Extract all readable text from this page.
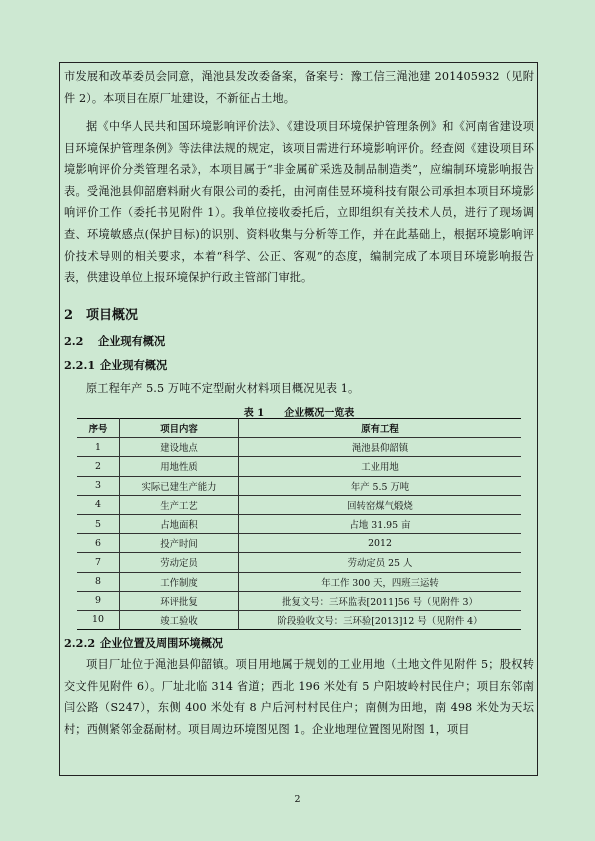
市发展和改革委员会同意，渑池县发改委备案，备案号：豫工信三渑池建 201405932（见附件 2）。本项目在原厂址建设，不新征占土地。

据《中华人民共和国环境影响评价法》、《建设项目环境保护管理条例》和《河南省建设项目环境保护管理条例》等法律法规的规定，该项目需进行环境影响评价。经查阅《建设项目环境影响评价分类管理名录》，本项目属于“非金属矿采选及制品制造类”，应编制环境影响报告表。受渑池县仰韶磨料耐火有限公司的委托，由河南佳昱环境科技有限公司承担本项目环境影响评价工作（委托书见附件 1）。我单位接收委托后，立即组织有关技术人员，进行了现场调查、环境敏感点(保护目标)的识别、资料收集与分析等工作，并在此基础上，根据环境影响评价技术导则的相关要求，本着“科学、公正、客观”的态度，编制完成了本项目环境影响报告表，供建设单位上报环境保护行政主管部门审批。

2 项目概况
2.2 企业现有概况
2.2.1 企业现有概况

原工程年产 5.5 万吨不定型耐火材料项目概况见表 1。

表 1　　企业概况一览表
序号	项目内容	原有工程
1	建设地点	渑池县仰韶镇
2	用地性质	工业用地
3	实际已建生产能力	年产 5.5 万吨
4	生产工艺	回转窑煤气煅烧
5	占地面积	占地 31.95 亩
6	投产时间	2012
7	劳动定员	劳动定员 25 人
8	工作制度	年工作 300 天，四班三运转
9	环评批复	批复文号：三环监表[2011]56 号（见附件 3）
10	竣工验收	阶段验收文号：三环验[2013]12 号（见附件 4）
2.2.2 企业位置及周围环境概况

项目厂址位于渑池县仰韶镇。项目用地属于规划的工业用地（土地文件见附件 5；股权转交文件见附件 6）。厂址北临 314 省道；西北 196 米处有 5 户阳坡岭村民住户；项目东邻南闫公路（S247），东侧 400 米处有 8 户后河村村民住户；南侧为田地，南 498 米处为天坛村；西侧紧邻金磊耐材。项目周边环境图见图 1。企业地理位置图见附图 1，项目

2
